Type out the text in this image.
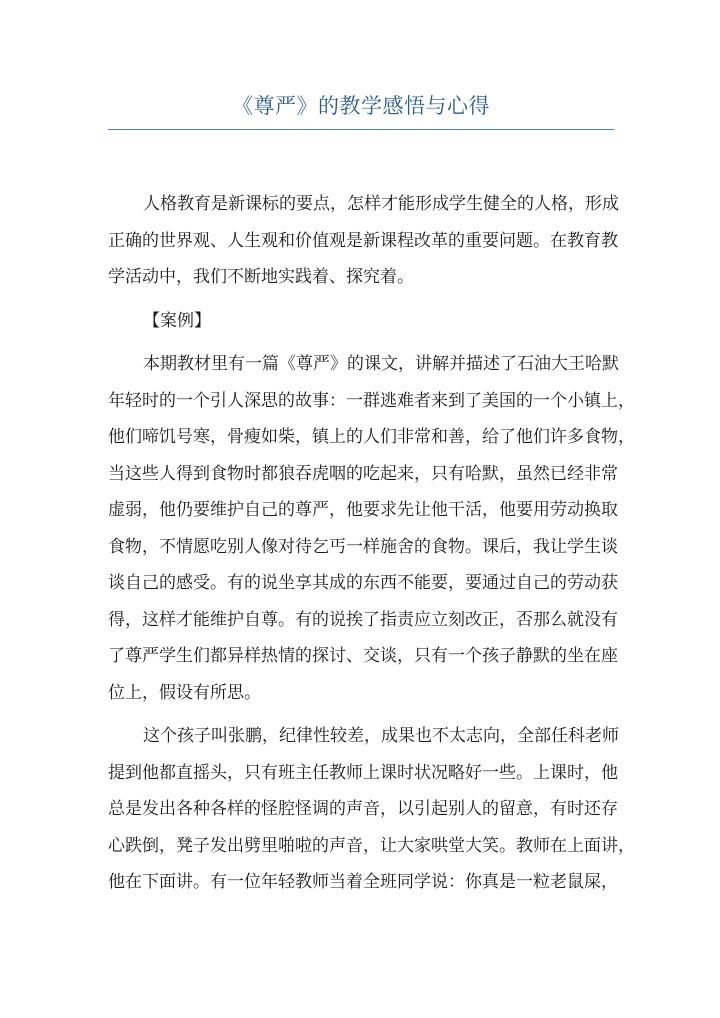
《尊严》的教学感悟与心得
人格教育是新课标的要点，怎样才能形成学生健全的人格，形成
正确的世界观、人生观和价值观是新课程改革的重要问题。在教育教
学活动中，我们不断地实践着、探究着。
【案例】
本期教材里有一篇《尊严》的课文，讲解并描述了石油大王哈默
年轻时的一个引人深思的故事：一群逃难者来到了美国的一个小镇上，
他们啼饥号寒，骨瘦如柴，镇上的人们非常和善，给了他们许多食物，
当这些人得到食物时都狼吞虎咽的吃起来，只有哈默，虽然已经非常
虚弱，他仍要维护自己的尊严，他要求先让他干活，他要用劳动换取
食物，不情愿吃别人像对待乞丐一样施舍的食物。课后，我让学生谈
谈自己的感受。有的说坐享其成的东西不能要，要通过自己的劳动获
得，这样才能维护自尊。有的说挨了指责应立刻改正，否那么就没有
了尊严学生们都异样热情的探讨、交谈，只有一个孩子静默的坐在座
位上，假设有所思。
这个孩子叫张鹏，纪律性较差，成果也不太志向，全部任科老师
提到他都直摇头，只有班主任教师上课时状况略好一些。上课时，他
总是发出各种各样的怪腔怪调的声音，以引起别人的留意，有时还存
心跌倒，凳子发出劈里啪啦的声音，让大家哄堂大笑。教师在上面讲，
他在下面讲。有一位年轻教师当着全班同学说：你真是一粒老鼠屎，
